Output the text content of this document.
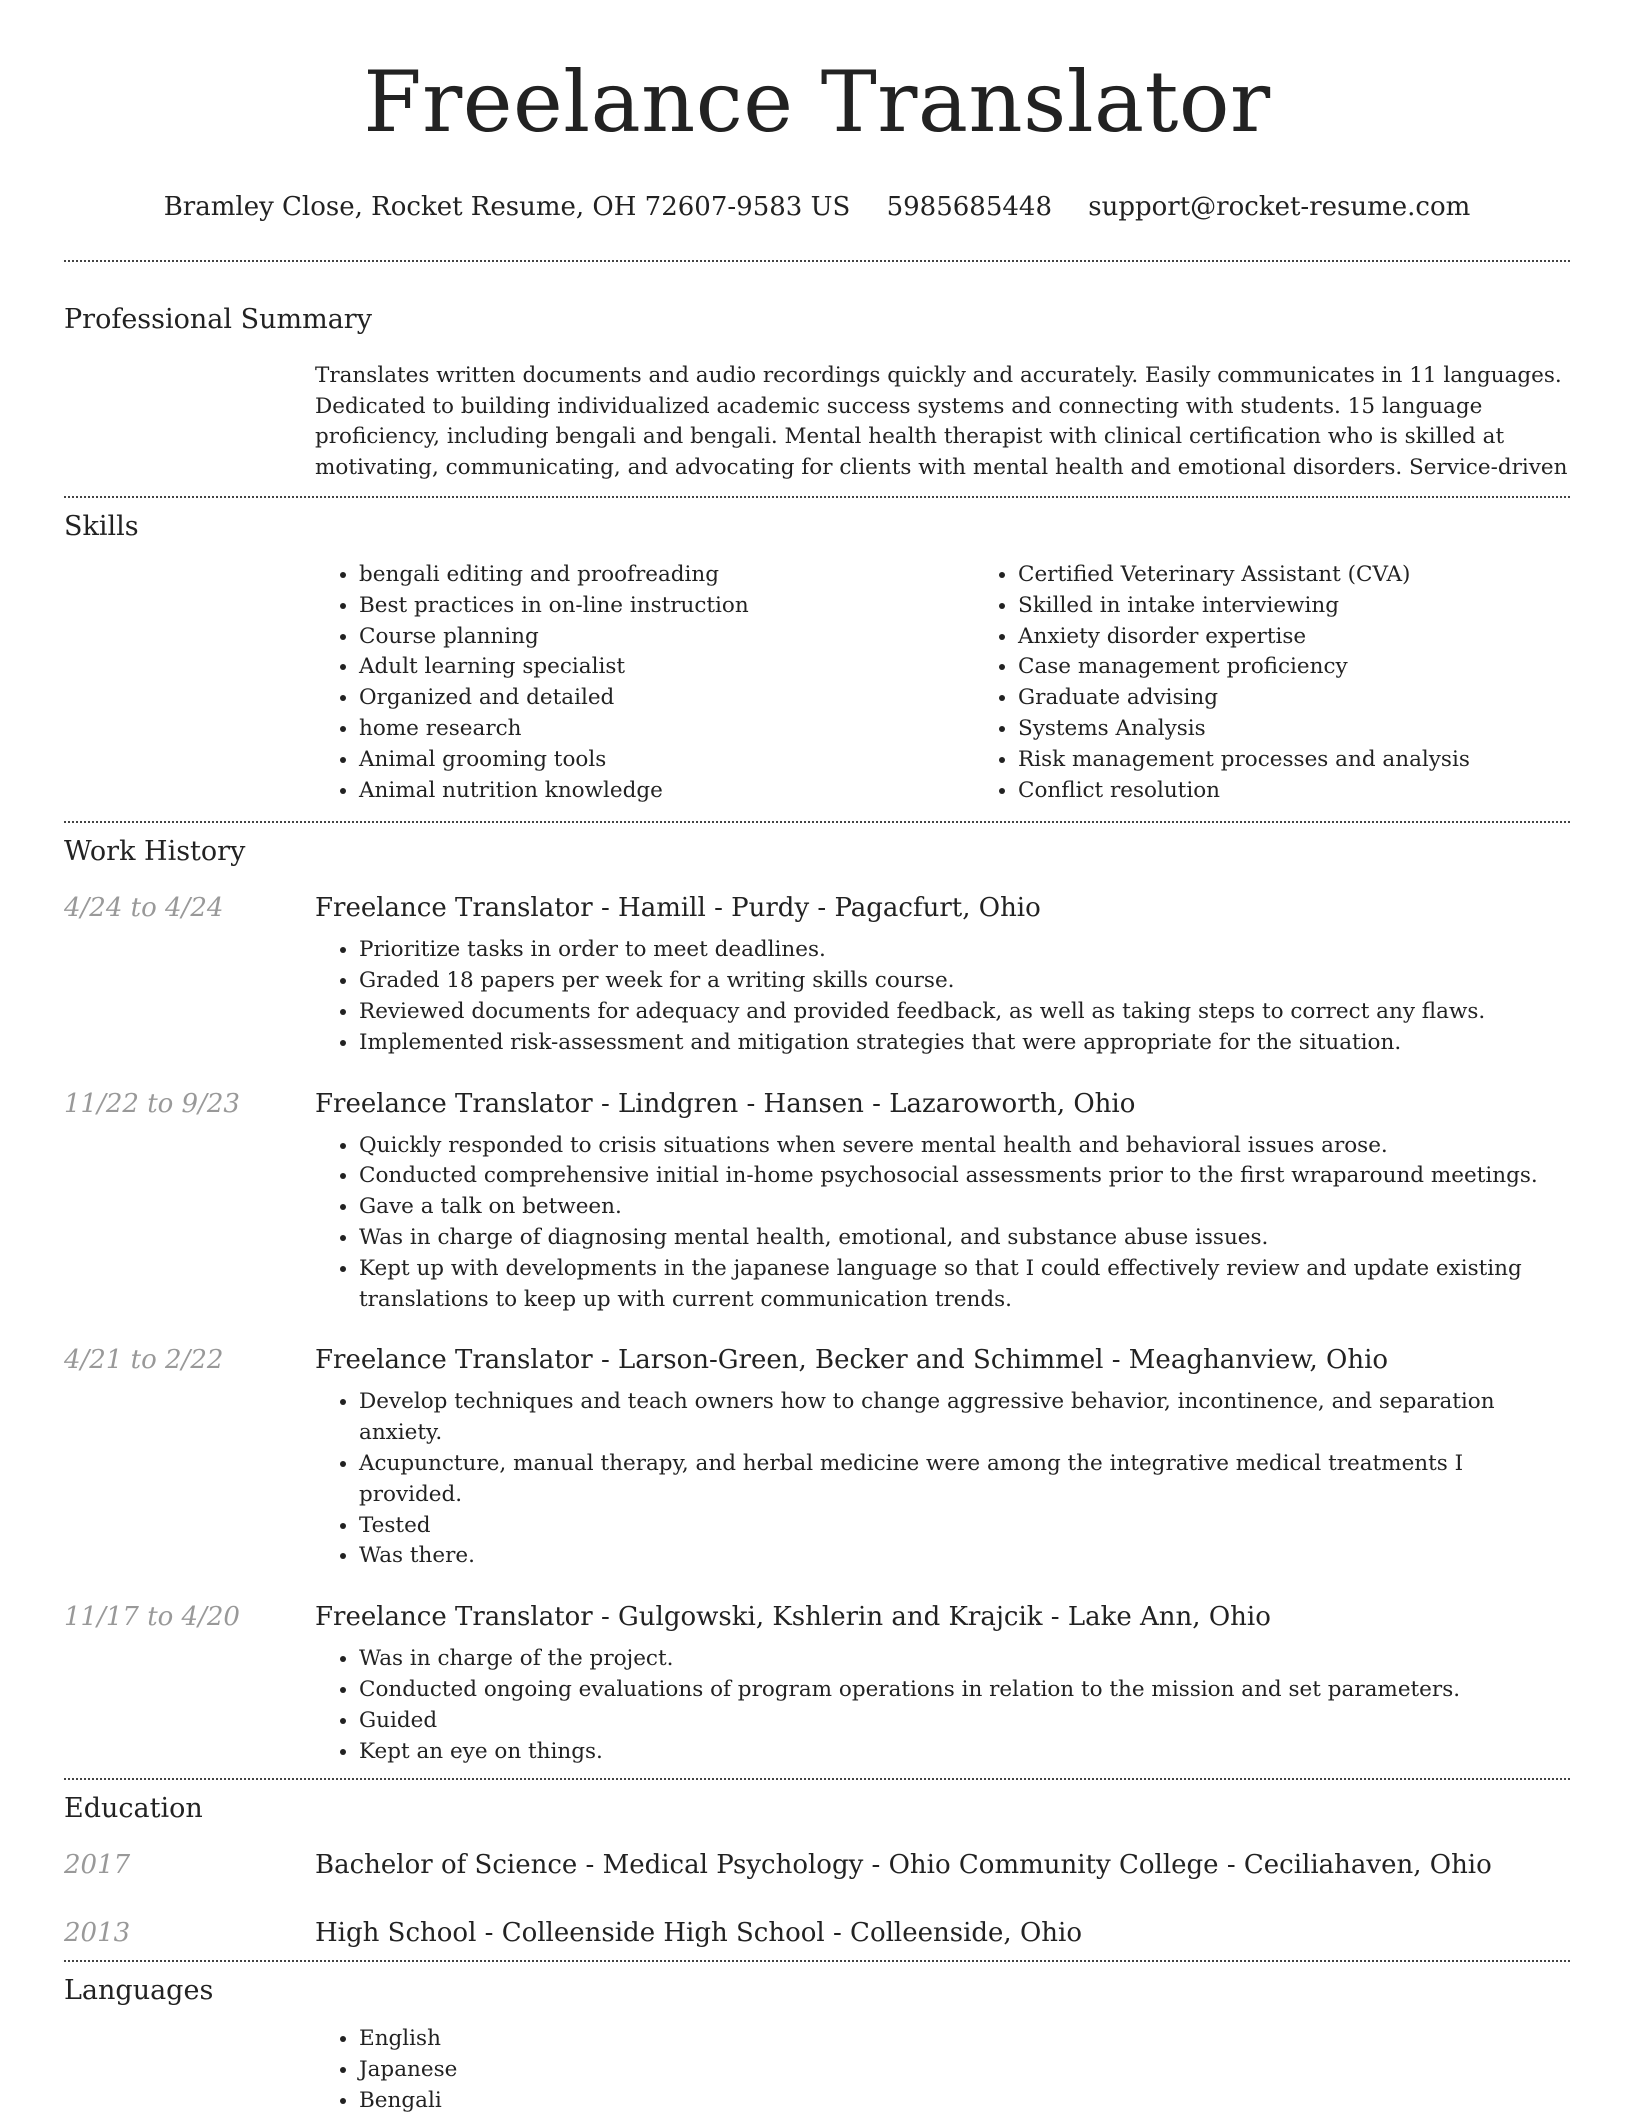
Freelance Translator
Bramley Close, Rocket Resume, OH 72607-9583 US 5985685448 support@rocket-resume.com
Professional Summary

Translates written documents and audio recordings quickly and accurately. Easily communicates in 11 languages. Dedicated to building individualized academic success systems and connecting with students. 15 language proficiency, including bengali and bengali. Mental health therapist with clinical certification who is skilled at motivating, communicating, and advocating for clients with mental health and emotional disorders. Service-driven

Skills
• bengali editing and proofreading
• Best practices in on-line instruction
• Course planning
• Adult learning specialist
• Organized and detailed
• home research
• Animal grooming tools
• Animal nutrition knowledge
• Certified Veterinary Assistant (CVA)
• Skilled in intake interviewing
• Anxiety disorder expertise
• Case management proficiency
• Graduate advising
• Systems Analysis
• Risk management processes and analysis
• Conflict resolution
Work History
4/24 to 4/24	Freelance Translator - Hamill - Purdy - Pagacfurt, Ohio
• Prioritize tasks in order to meet deadlines.
• Graded 18 papers per week for a writing skills course.
• Reviewed documents for adequacy and provided feedback, as well as taking steps to correct any flaws.
• Implemented risk-assessment and mitigation strategies that were appropriate for the situation.
11/22 to 9/23	Freelance Translator - Lindgren - Hansen - Lazaroworth, Ohio
• Quickly responded to crisis situations when severe mental health and behavioral issues arose.
• Conducted comprehensive initial in-home psychosocial assessments prior to the first wraparound meetings.
• Gave a talk on between.
• Was in charge of diagnosing mental health, emotional, and substance abuse issues.
• Kept up with developments in the japanese language so that I could effectively review and update existing translations to keep up with current communication trends.
4/21 to 2/22	Freelance Translator - Larson-Green, Becker and Schimmel - Meaghanview, Ohio
• Develop techniques and teach owners how to change aggressive behavior, incontinence, and separation anxiety.
• Acupuncture, manual therapy, and herbal medicine were among the integrative medical treatments I provided.
• Tested
• Was there.
11/17 to 4/20	Freelance Translator - Gulgowski, Kshlerin and Krajcik - Lake Ann, Ohio
• Was in charge of the project.
• Conducted ongoing evaluations of program operations in relation to the mission and set parameters.
• Guided
• Kept an eye on things.
Education
2017	Bachelor of Science - Medical Psychology - Ohio Community College - Ceciliahaven, Ohio
2013	High School - Colleenside High School - Colleenside, Ohio
Languages
• English
• Japanese
• Bengali
